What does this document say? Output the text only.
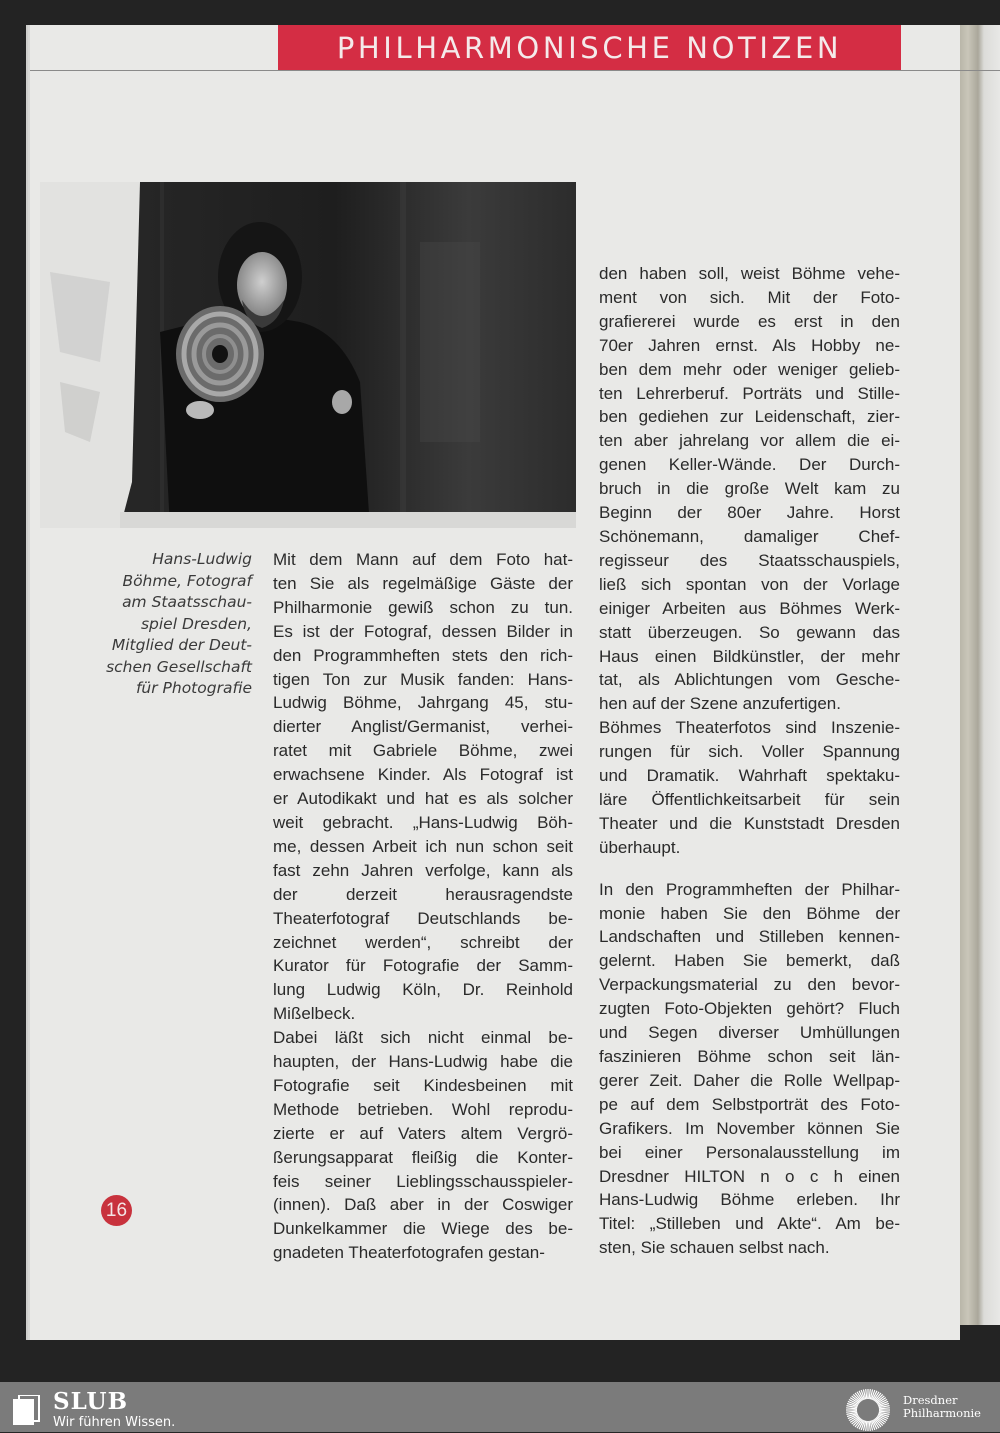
PHILHARMONISCHE NOTIZEN
Hans-Ludwig
Böhme, Fotograf
am Staatsschau-
spiel Dresden,
Mitglied der Deut-
schen Gesellschaft
für Photografie
Mit dem Mann auf dem Foto hat-
ten Sie als regelmäßige Gäste der
Philharmonie gewiß schon zu tun.
Es ist der Fotograf, dessen Bilder in
den Programmheften stets den rich-
tigen Ton zur Musik fanden: Hans-
Ludwig Böhme, Jahrgang 45, stu-
dierter Anglist/Germanist, verhei-
ratet mit Gabriele Böhme, zwei
erwachsene Kinder. Als Fotograf ist
er Autodikakt und hat es als solcher
weit gebracht. „Hans-Ludwig Böh-
me, dessen Arbeit ich nun schon seit
fast zehn Jahren verfolge, kann als
der derzeit herausragendste
Theaterfotograf Deutschlands be-
zeichnet werden“, schreibt der
Kurator für Fotografie der Samm-
lung Ludwig Köln, Dr. Reinhold
Mißelbeck.
Dabei läßt sich nicht einmal be-
haupten, der Hans-Ludwig habe die
Fotografie seit Kindesbeinen mit
Methode betrieben. Wohl reprodu-
zierte er auf Vaters altem Vergrö-
ßerungsapparat fleißig die Konter-
feis seiner Lieblingsschausspieler-
(innen). Daß aber in der Coswiger
Dunkelkammer die Wiege des be-
gnadeten Theaterfotografen gestan-
den haben soll, weist Böhme vehe-
ment von sich. Mit der Foto-
grafiererei wurde es erst in den
70er Jahren ernst. Als Hobby ne-
ben dem mehr oder weniger gelieb-
ten Lehrerberuf. Porträts und Stille-
ben gediehen zur Leidenschaft, zier-
ten aber jahrelang vor allem die ei-
genen Keller-Wände. Der Durch-
bruch in die große Welt kam zu
Beginn der 80er Jahre. Horst
Schönemann, damaliger Chef-
regisseur des Staatsschauspiels,
ließ sich spontan von der Vorlage
einiger Arbeiten aus Böhmes Werk-
statt überzeugen. So gewann das
Haus einen Bildkünstler, der mehr
tat, als Ablichtungen vom Gesche-
hen auf der Szene anzufertigen.
Böhmes Theaterfotos sind Inszenie-
rungen für sich. Voller Spannung
und Dramatik. Wahrhaft spektaku-
läre Öffentlichkeitsarbeit für sein
Theater und die Kunststadt Dresden
überhaupt.
In den Programmheften der Philhar-
monie haben Sie den Böhme der
Landschaften und Stilleben kennen-
gelernt. Haben Sie bemerkt, daß
Verpackungsmaterial zu den bevor-
zugten Foto-Objekten gehört? Fluch
und Segen diverser Umhüllungen
faszinieren Böhme schon seit län-
gerer Zeit. Daher die Rolle Wellpap-
pe auf dem Selbstporträt des Foto-
Grafikers. Im November können Sie
bei einer Personalausstellung im
Dresdner HILTON n o c h einen
Hans-Ludwig Böhme erleben. Ihr
Titel: „Stilleben und Akte“. Am be-
sten, Sie schauen selbst nach.
16
SLUB
Wir führen Wissen.
Dresdner
Philharmonie
